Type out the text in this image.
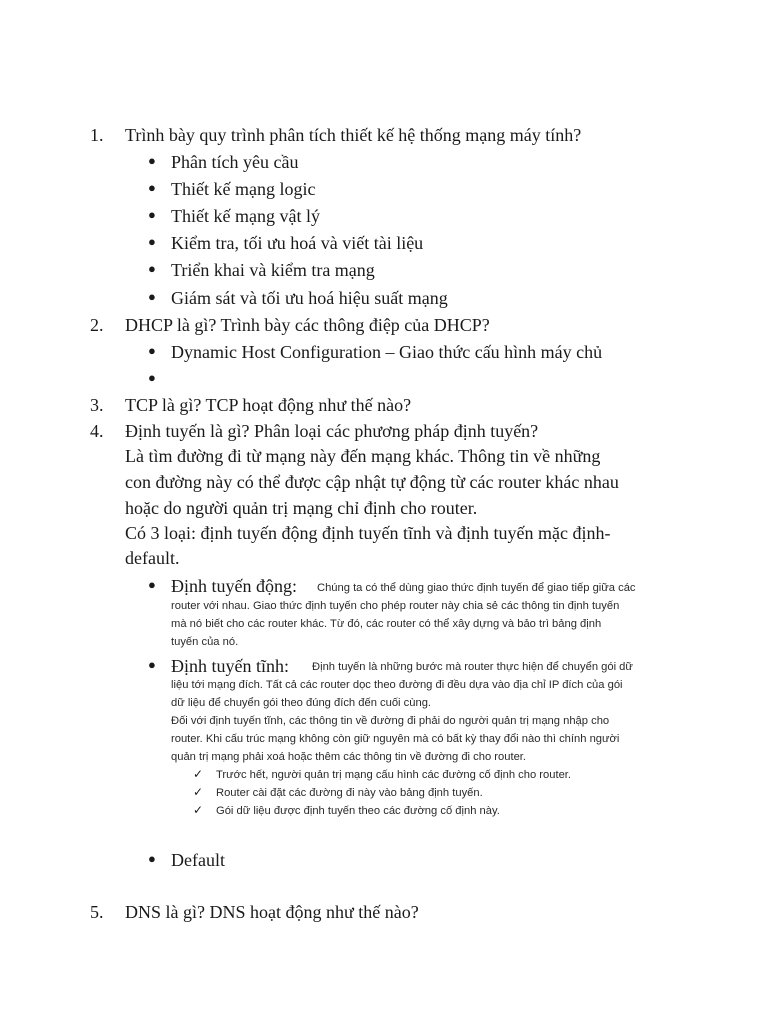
1. Trình bày quy trình phân tích thiết kế hệ thống mạng máy tính?
● Phân tích yêu cầu
● Thiết kế mạng logic
● Thiết kế mạng vật lý
● Kiểm tra, tối ưu hoá và viết tài liệu
● Triển khai và kiểm tra mạng
● Giám sát và tối ưu hoá hiệu suất mạng
2. DHCP là gì? Trình bày các thông điệp của DHCP?
● Dynamic Host Configuration – Giao thức cấu hình máy chủ
●
3. TCP là gì? TCP hoạt động như thế nào?
4. Định tuyến là gì? Phân loại các phương pháp định tuyến?
Là tìm đường đi từ mạng này đến mạng khác. Thông tin về những
con đường này có thể được cập nhật tự động từ các router khác nhau
hoặc do người quản trị mạng chỉ định cho router.
Có 3 loại: định tuyến động định tuyến tĩnh và định tuyến mặc định-
default.
● Định tuyến động: Chúng ta có thể dùng giao thức định tuyến để giao tiếp giữa các
router với nhau. Giao thức định tuyến cho phép router này chia sẻ các thông tin định tuyến
mà nó biết cho các router khác. Từ đó, các router có thể xây dựng và bảo trì bảng định
tuyến của nó.
● Định tuyến tĩnh: Định tuyến là những bước mà router thực hiện để chuyển gói dữ
liệu tới mạng đích. Tất cả các router dọc theo đường đi đều dựa vào địa chỉ IP đích của gói
dữ liệu để chuyển gói theo đúng đích đến cuối cùng.
Đối với định tuyến tĩnh, các thông tin về đường đi phải do người quản trị mạng nhập cho
router. Khi cấu trúc mạng không còn giữ nguyên mà có bất kỳ thay đổi nào thì chính người
quản trị mạng phải xoá hoặc thêm các thông tin về đường đi cho router.
✓ Trước hết, người quản trị mạng cấu hình các đường cố định cho router.
✓ Router cài đặt các đường đi này vào bảng định tuyến.
✓ Gói dữ liệu được định tuyến theo các đường cố định này.
● Default
5. DNS là gì? DNS hoạt động như thế nào?
